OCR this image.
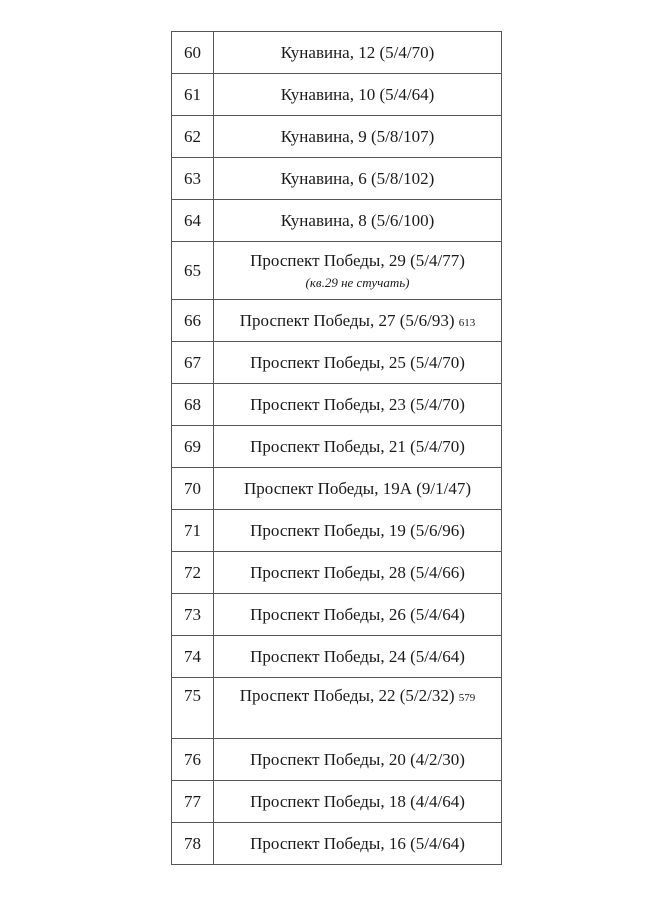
60	Кунавина, 12 (5/4/70)
61	Кунавина, 10 (5/4/64)
62	Кунавина, 9 (5/8/107)
63	Кунавина, 6 (5/8/102)
64	Кунавина, 8 (5/6/100)
65	Проспект Победы, 29 (5/4/77)
(кв.29 не стучать)

66	Проспект Победы, 27 (5/6/93) 613
67	Проспект Победы, 25 (5/4/70)
68	Проспект Победы, 23 (5/4/70)
69	Проспект Победы, 21 (5/4/70)
70	Проспект Победы, 19А (9/1/47)
71	Проспект Победы, 19 (5/6/96)
72	Проспект Победы, 28 (5/4/66)
73	Проспект Победы, 26 (5/4/64)
74	Проспект Победы, 24 (5/4/64)
75	Проспект Победы, 22 (5/2/32) 579
76	Проспект Победы, 20 (4/2/30)
77	Проспект Победы, 18 (4/4/64)
78	Проспект Победы, 16 (5/4/64)
